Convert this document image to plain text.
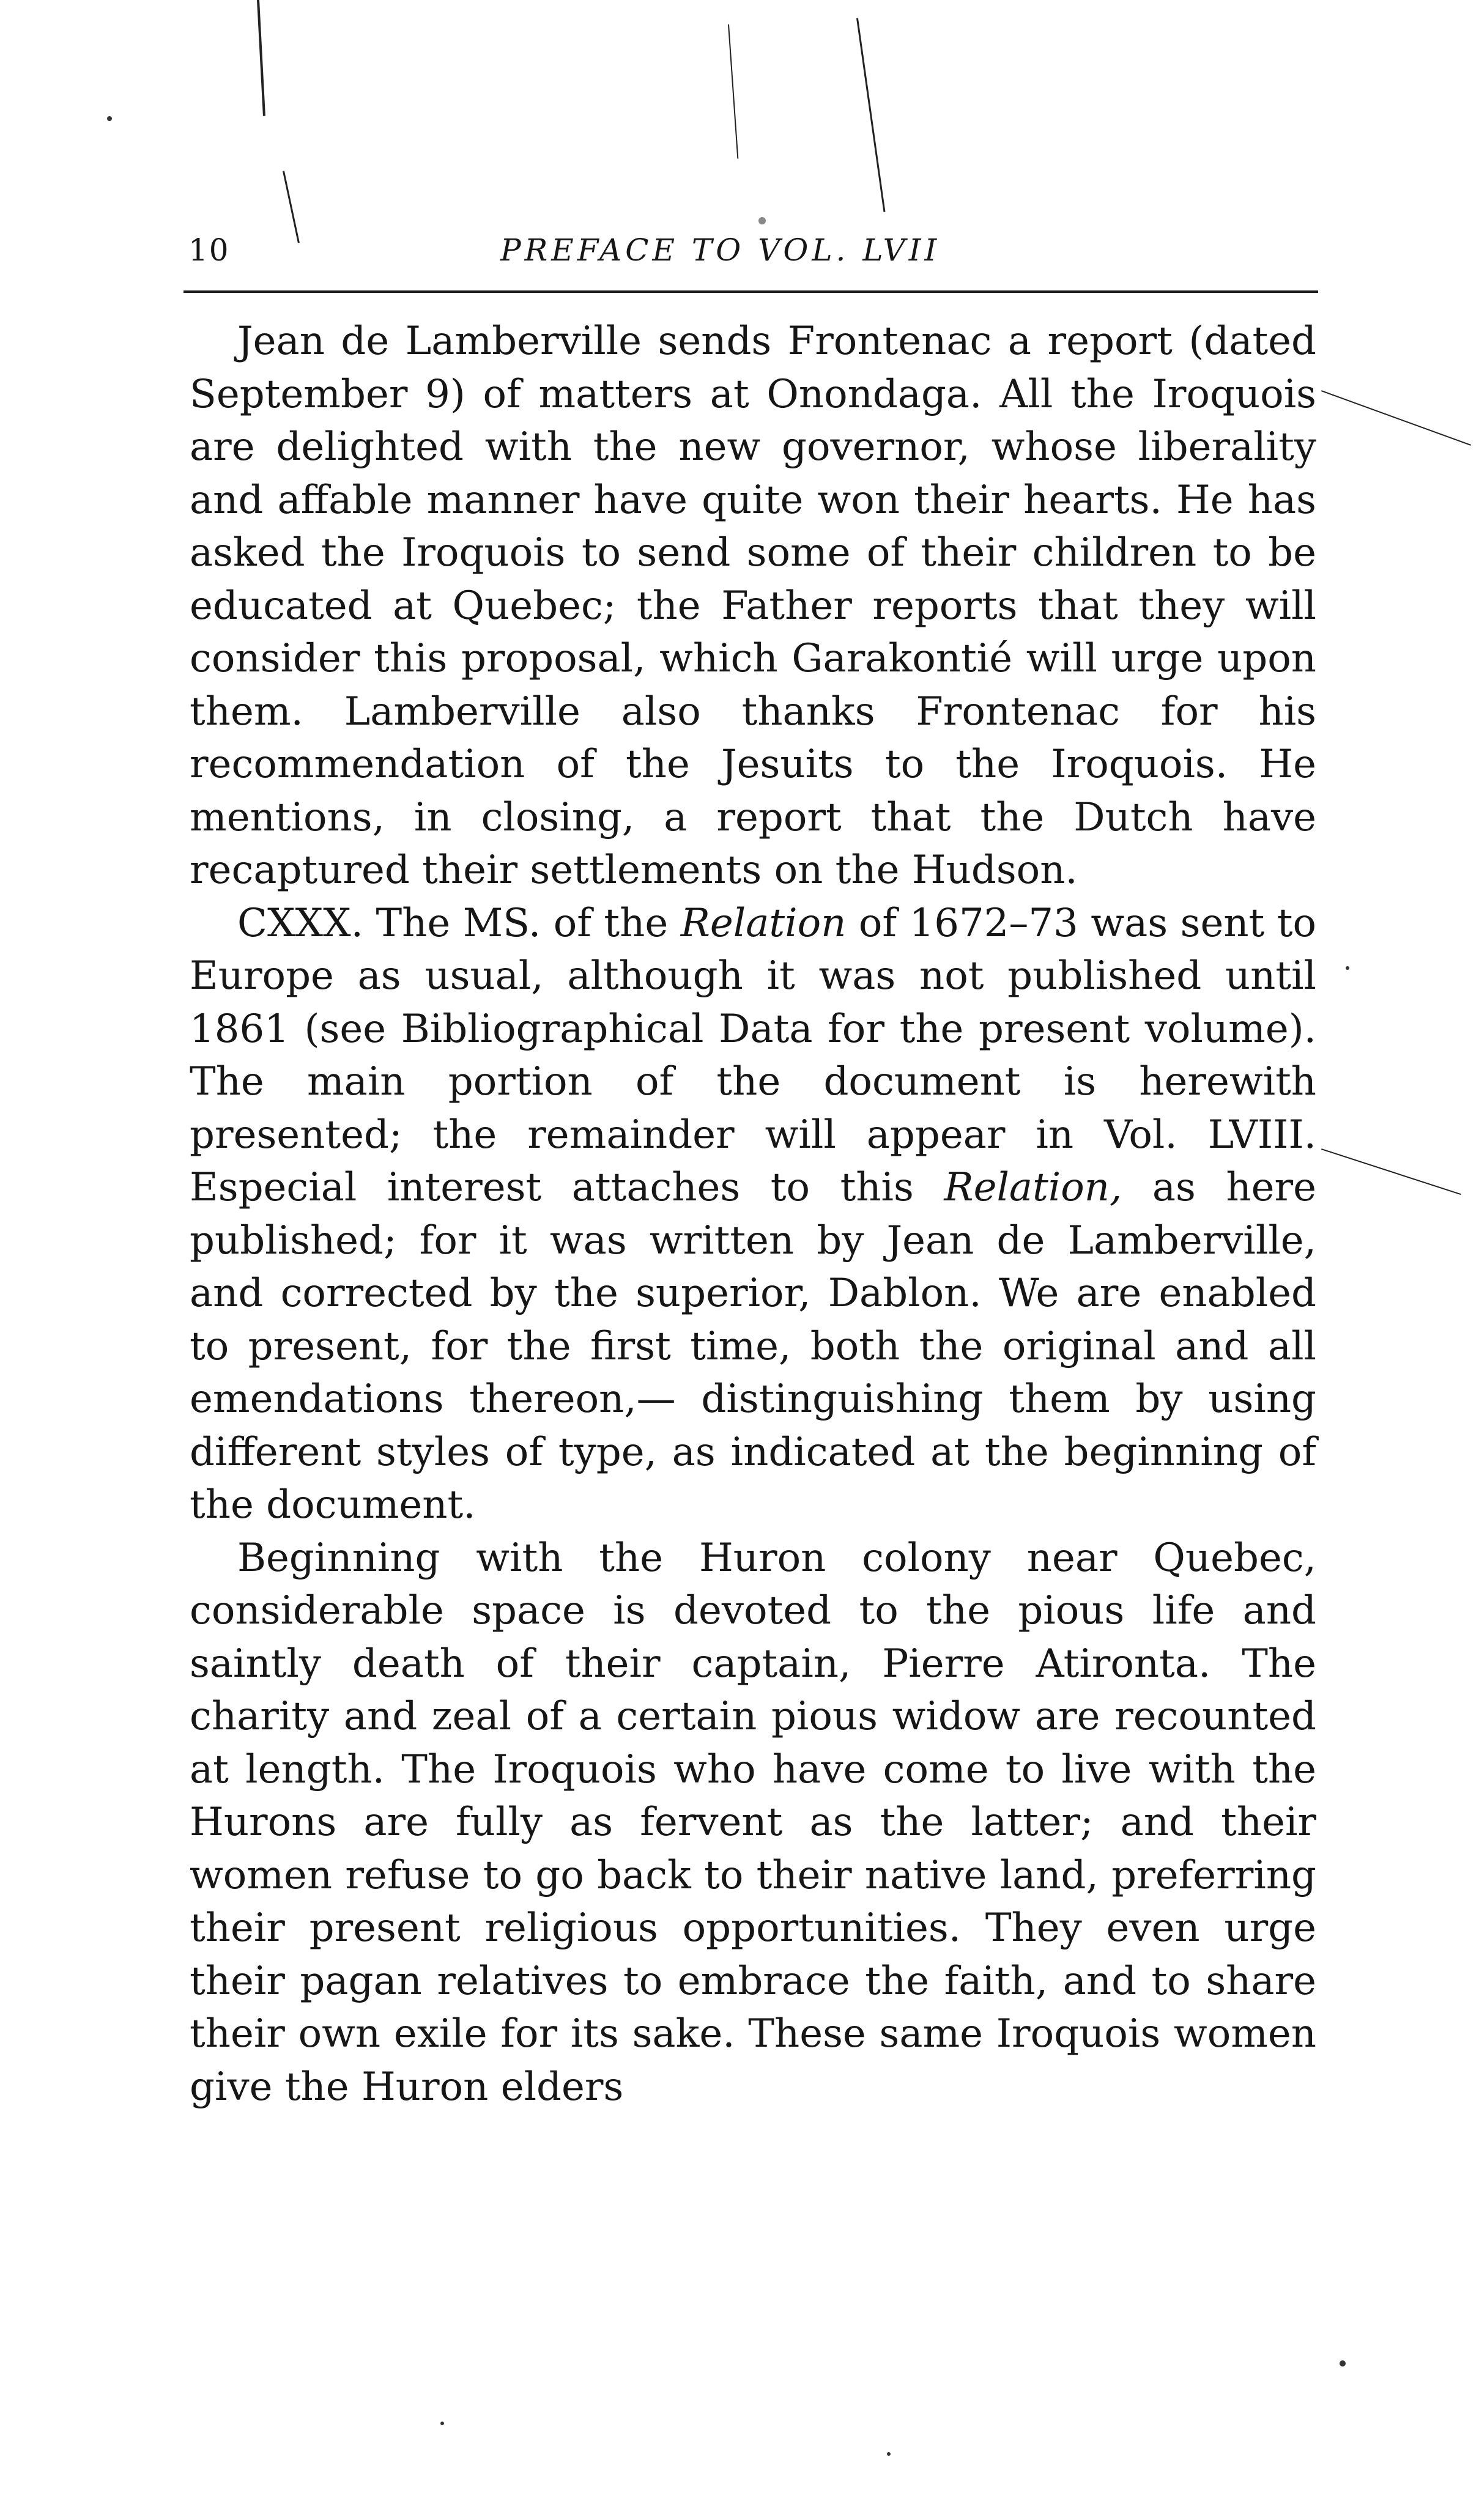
10	PREFACE TO VOL. LVII

Jean de Lamberville sends Frontenac a report (dated September 9) of matters at Onondaga. All the Iroquois are delighted with the new governor, whose liberality and affable manner have quite won their hearts. He has asked the Iroquois to send some of their children to be educated at Quebec; the Father reports that they will consider this proposal, which Garakontié will urge upon them. Lamberville also thanks Frontenac for his recommendation of the Jesuits to the Iroquois. He mentions, in closing, a report that the Dutch have recaptured their settlements on the Hudson.

CXXX. The MS. of the Relation of 1672–73 was sent to Europe as usual, although it was not published until 1861 (see Bibliographical Data for the present volume). The main portion of the document is herewith presented; the remainder will appear in Vol. LVIII. Especial interest attaches to this Relation, as here published; for it was written by Jean de Lamberville, and corrected by the superior, Dablon. We are enabled to present, for the first time, both the original and all emendations thereon,— distinguishing them by using different styles of type, as indicated at the beginning of the document.

Beginning with the Huron colony near Quebec, considerable space is devoted to the pious life and saintly death of their captain, Pierre Atironta. The charity and zeal of a certain pious widow are recounted at length. The Iroquois who have come to live with the Hurons are fully as fervent as the latter; and their women refuse to go back to their native land, preferring their present religious opportunities. They even urge their pagan relatives to embrace the faith, and to share their own exile for its sake. These same Iroquois women give the Huron elders
